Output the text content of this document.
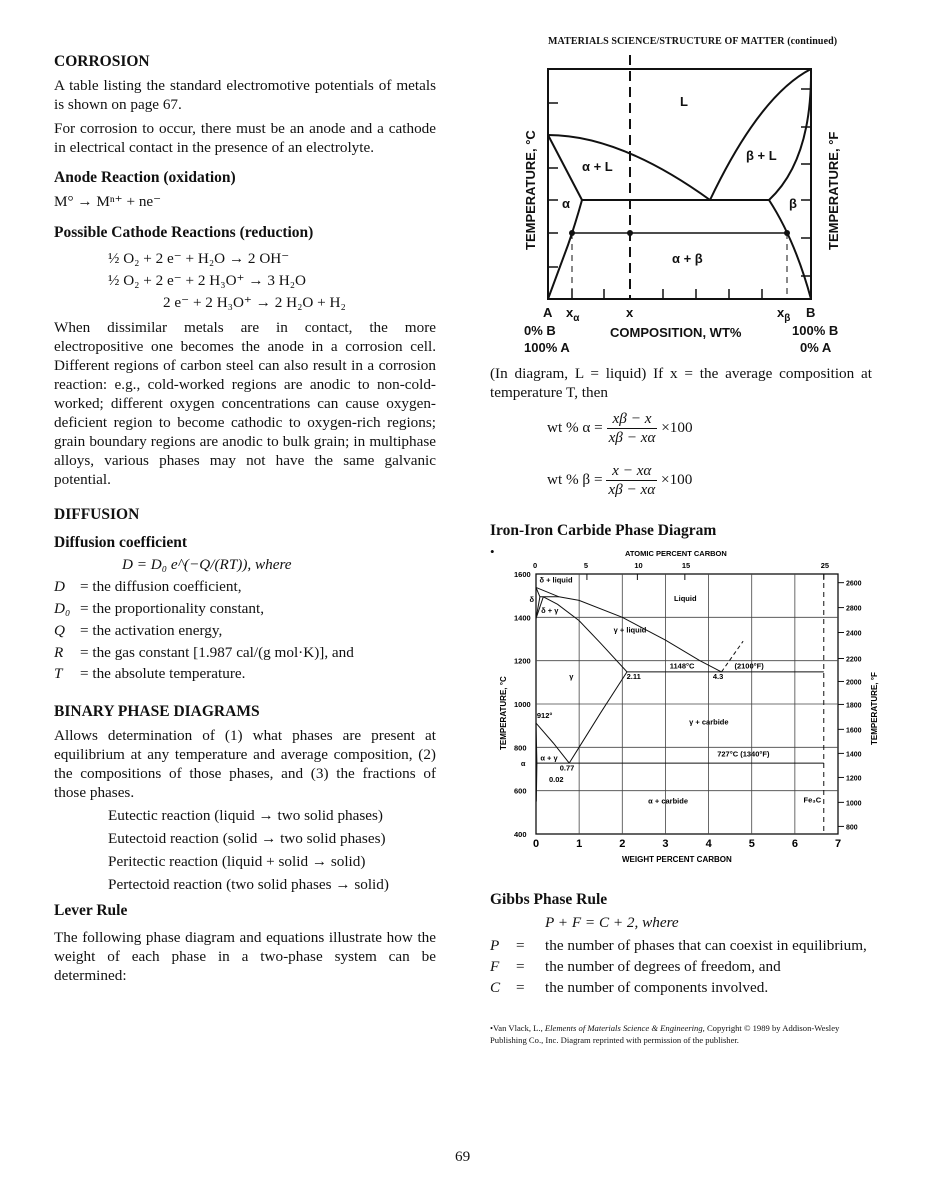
CORROSION
A table listing the standard electromotive potentials of metals is shown on page 67.
For corrosion to occur, there must be an anode and a cathode in electrical contact in the presence of an electrolyte.
Anode Reaction (oxidation)
M° → Mⁿ⁺ + ne⁻
Possible Cathode Reactions (reduction)
½ O₂ + 2 e⁻ + H₂O → 2 OH⁻
½ O₂ + 2 e⁻ + 2 H₃O⁺ → 3 H₂O
2 e⁻ + 2 H₃O⁺ → 2 H₂O + H₂
When dissimilar metals are in contact, the more electropositive one becomes the anode in a corrosion cell. Different regions of carbon steel can also result in a corrosion reaction: e.g., cold-worked regions are anodic to non-cold-worked; different oxygen concentrations can cause oxygen-deficient region to become cathodic to oxygen-rich regions; grain boundary regions are anodic to bulk grain; in multiphase alloys, various phases may not have the same galvanic potential.
DIFFUSION
Diffusion coefficient
D = D₀ e^(−Q/(RT)), where
D = the diffusion coefficient,
D₀ = the proportionality constant,
Q = the activation energy,
R = the gas constant [1.987 cal/(g mol·K)], and
T = the absolute temperature.
BINARY PHASE DIAGRAMS
Allows determination of (1) what phases are present at equilibrium at any temperature and average composition, (2) the compositions of those phases, and (3) the fractions of those phases.
Eutectic reaction (liquid → two solid phases)
Eutectoid reaction (solid → two solid phases)
Peritectic reaction (liquid + solid → solid)
Pertectoid reaction (two solid phases → solid)
Lever Rule
The following phase diagram and equations illustrate how the weight of each phase in a two-phase system can be determined:
MATERIALS SCIENCE/STRUCTURE OF MATTER (continued)
L
α + L
β + L
α	β
α + β
A $x_\alpha$	x	$x_\beta$ B
0% B
100% A
COMPOSITION, WT%	100% B
0% A
TEMPERATURE, °C	TEMPERATURE, °F
(In diagram, L = liquid) If x = the average composition at temperature T, then
wt % $\alpha = \frac{x\beta - x}{x\beta - x\alpha} \times 100$
wt % $\beta = \frac{x - x\alpha}{x\beta - x\alpha} \times 100$
Iron-Iron Carbide Phase Diagram
•
0	1	2	3	4	5	6	7
400
600
800
1000
1200
1400
1600
0	5	10	15	25
2600
2800
2400
2200
2000
1800
1600
1400
1200
1000
800
δ + liquid
δ
δ + γ
Liquid
γ + liquid
1148°C	(2100°F)
2.11	4.3
γ
912°
γ + carbide
727°C (1340°F)
α + γ
α
0.77
0.02
α + carbide	Fe₃C
ATOMIC PERCENT CARBON
WEIGHT PERCENT CARBON
TEMPERATURE, °C	TEMPERATURE, °F
Gibbs Phase Rule
P + F = C + 2, where
P = the number of phases that can coexist in equilibrium,
F = the number of degrees of freedom, and
C = the number of components involved.
•Van Vlack, L., Elements of Materials Science & Engineering, Copyright © 1989 by Addison-Wesley
Publishing Co., Inc. Diagram reprinted with permission of the publisher.
69
